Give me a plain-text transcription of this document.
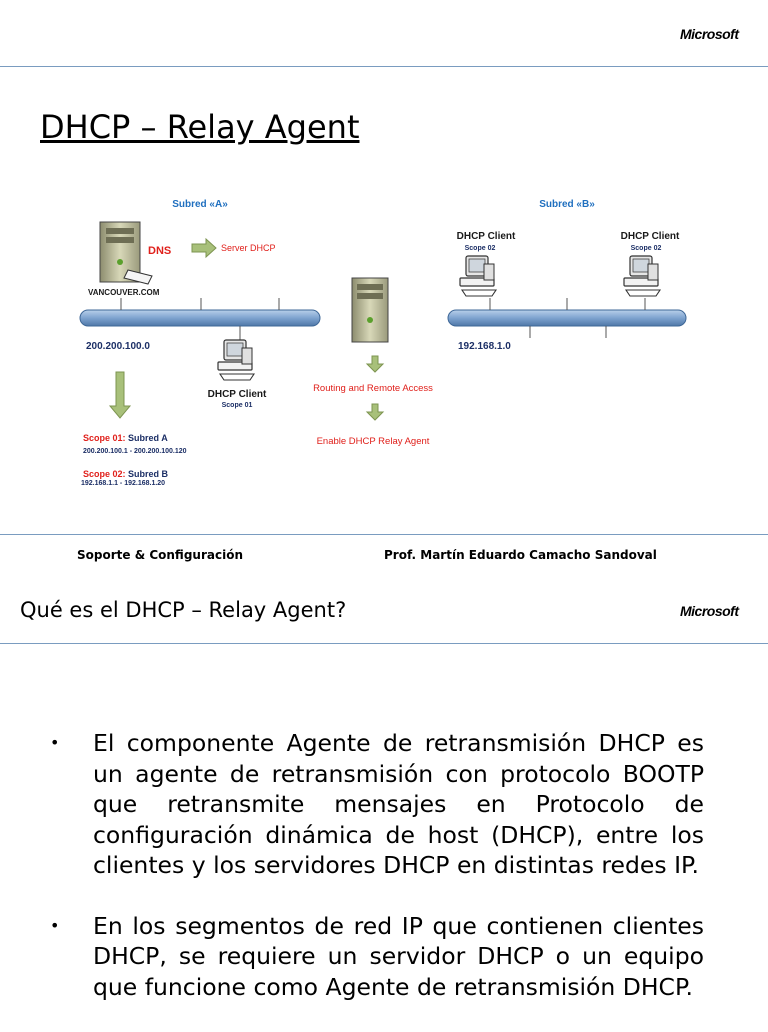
Microsoft
DHCP – Relay Agent
Subred «A»	Subred «B»
DNS	Server DHCP
VANCOUVER.COM
200.200.100.0
DHCP Client
Scope 01
Scope 01: Subred A
200.200.100.1 - 200.200.100.120
Scope 02: Subred B
192.168.1.1 - 192.168.1.20
Routing and Remote Access
Enable DHCP Relay Agent
DHCP Client
Scope 02
DHCP Client
Scope 02
192.168.1.0
Soporte & Configuración	Prof. Martín Eduardo Camacho Sandoval
Qué es el DHCP – Relay Agent?	Microsoft
• El componente Agente de retransmisión DHCP es un agente de retransmisión con protocolo BOOTP que retransmite mensajes en Protocolo de configuración dinámica de host (DHCP), entre los clientes y los servidores DHCP en distintas redes IP.
• En los segmentos de red IP que contienen clientes DHCP, se requiere un servidor DHCP o un equipo que funcione como Agente de retransmisión DHCP.
